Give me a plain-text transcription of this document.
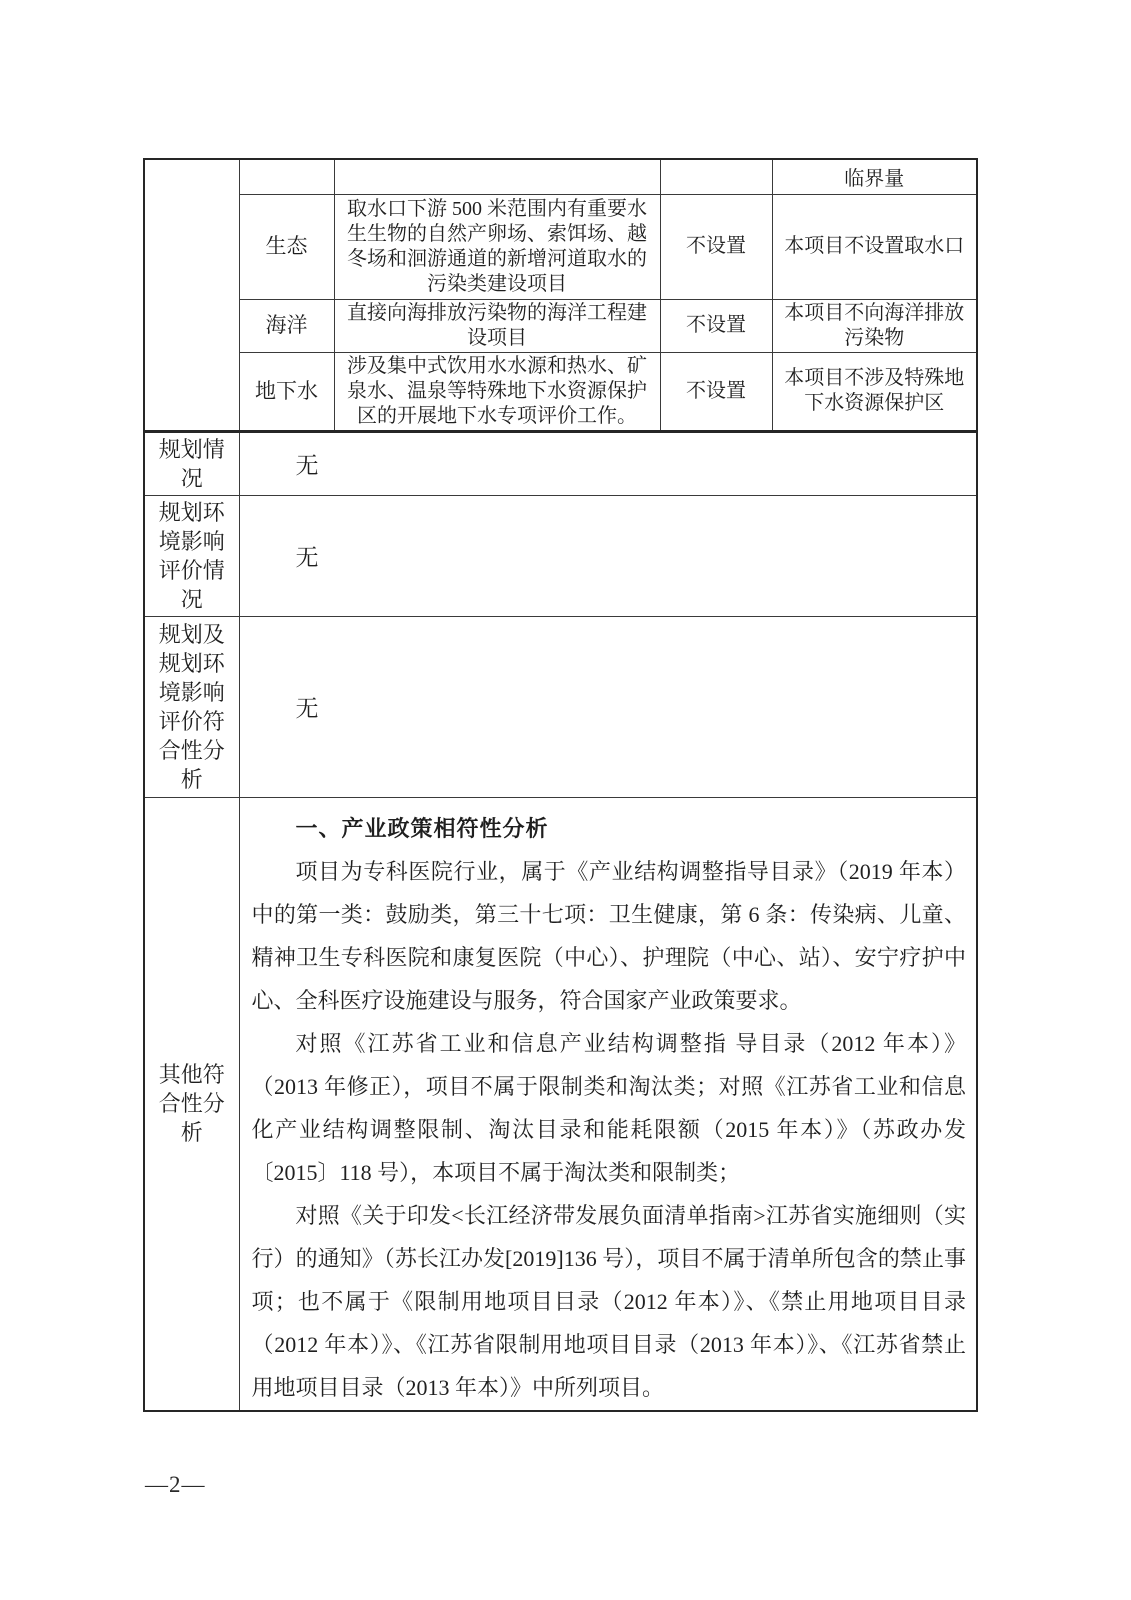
				临界量
	生态	取水口下游 500 米范围内有重要水生生物的自然产卵场、索饵场、越冬场和洄游通道的新增河道取水的污染类建设项目	不设置	本项目不设置取水口
	海洋	直接向海排放污染物的海洋工程建设项目	不设置	本项目不向海洋排放污染物
	地下水	涉及集中式饮用水水源和热水、矿泉水、温泉等特殊地下水资源保护区的开展地下水专项评价工作。	不设置	本项目不涉及特殊地下水资源保护区
规划情况	无			
规划环境影响评价情况	无			
规划及规划环境影响评价符合性分析	无			
其他符合性分析	一、产业政策相符性分析
项目为专科医院行业，属于《产业结构调整指导目录》（2019 年本）中的第一类：鼓励类，第三十七项：卫生健康，第 6 条：传染病、儿童、精神卫生专科医院和康复医院（中心）、护理院（中心、站）、安宁疗护中心、全科医疗设施建设与服务，符合国家产业政策要求。
对照《江苏省工业和信息产业结构调整指 导目录（2012 年本）》（2013 年修正），项目不属于限制类和淘汰类；对照《江苏省工业和信息化产业结构调整限制、淘汰目录和能耗限额（2015 年本）》（苏政办发〔2015〕118 号），本项目不属于淘汰类和限制类；
对照《关于印发<长江经济带发展负面清单指南>江苏省实施细则（实行）的通知》（苏长江办发[2019]136 号），项目不属于清单所包含的禁止事项；也不属于《限制用地项目目录（2012 年本）》、《禁止用地项目目录（2012 年本）》、《江苏省限制用地项目目录（2013 年本）》、《江苏省禁止用地项目目录（2013 年本）》中所列项目。			
—2—
